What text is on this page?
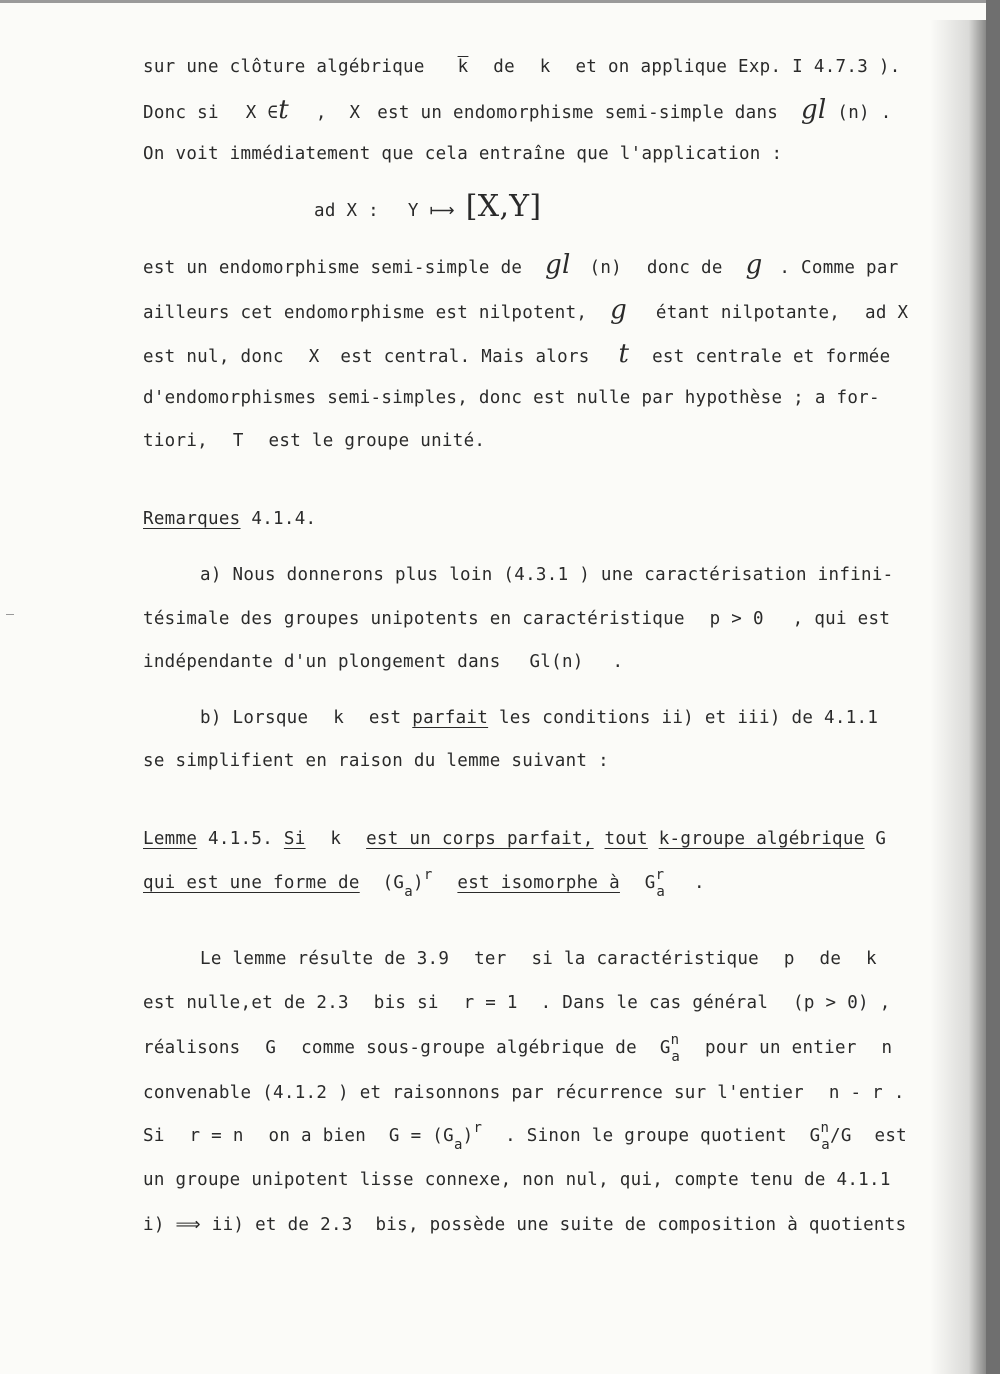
sur une clôture algébrique $\overline{k}$ de k et on applique Exp. I 4.7.3 ).
Donc si X ∈t , X est un endomorphisme semi-simple dans gl (n) .
On voit immédiatement que cela entraîne que l'application :
ad X : Y ⟼ [X,Y]
est un endomorphisme semi-simple de gl (n) donc de g . Comme par
ailleurs cet endomorphisme est nilpotent, g étant nilpotante, ad X
est nul, donc X est central. Mais alors t est centrale et formée
d'endomorphismes semi-simples, donc est nulle par hypothèse ; a for-
tiori, T est le groupe unité.
Remarques 4.1.4.
a) Nous donnerons plus loin (4.3.1 ) une caractérisation infini-
tésimale des groupes unipotents en caractéristique p > 0 , qui est
indépendante d'un plongement dans Gl(n) .
b) Lorsque k est parfait les conditions ii) et iii) de 4.1.1
se simplifient en raison du lemme suivant :
Lemme 4.1.5. Si k est un corps parfait, tout k-groupe algébrique G
qui est une forme de $(G_a)^r$ est isomorphe à $G^r_a$ .
Le lemme résulte de 3.9 ter si la caractéristique p de k
est nulle,et de 2.3 bis si r = 1 . Dans le cas général (p > 0) ,
réalisons G comme sous-groupe algébrique de $G^n_a$ pour un entier n
convenable (4.1.2 ) et raisonnons par récurrence sur l'entier n - r .
Si r = n on a bien $G = (G_a)^r$ . Sinon le groupe quotient $G^n_a/G$ est
un groupe unipotent lisse connexe, non nul, qui, compte tenu de 4.1.1
i) ⟹ ii) et de 2.3 bis, possède une suite de composition à quotients
